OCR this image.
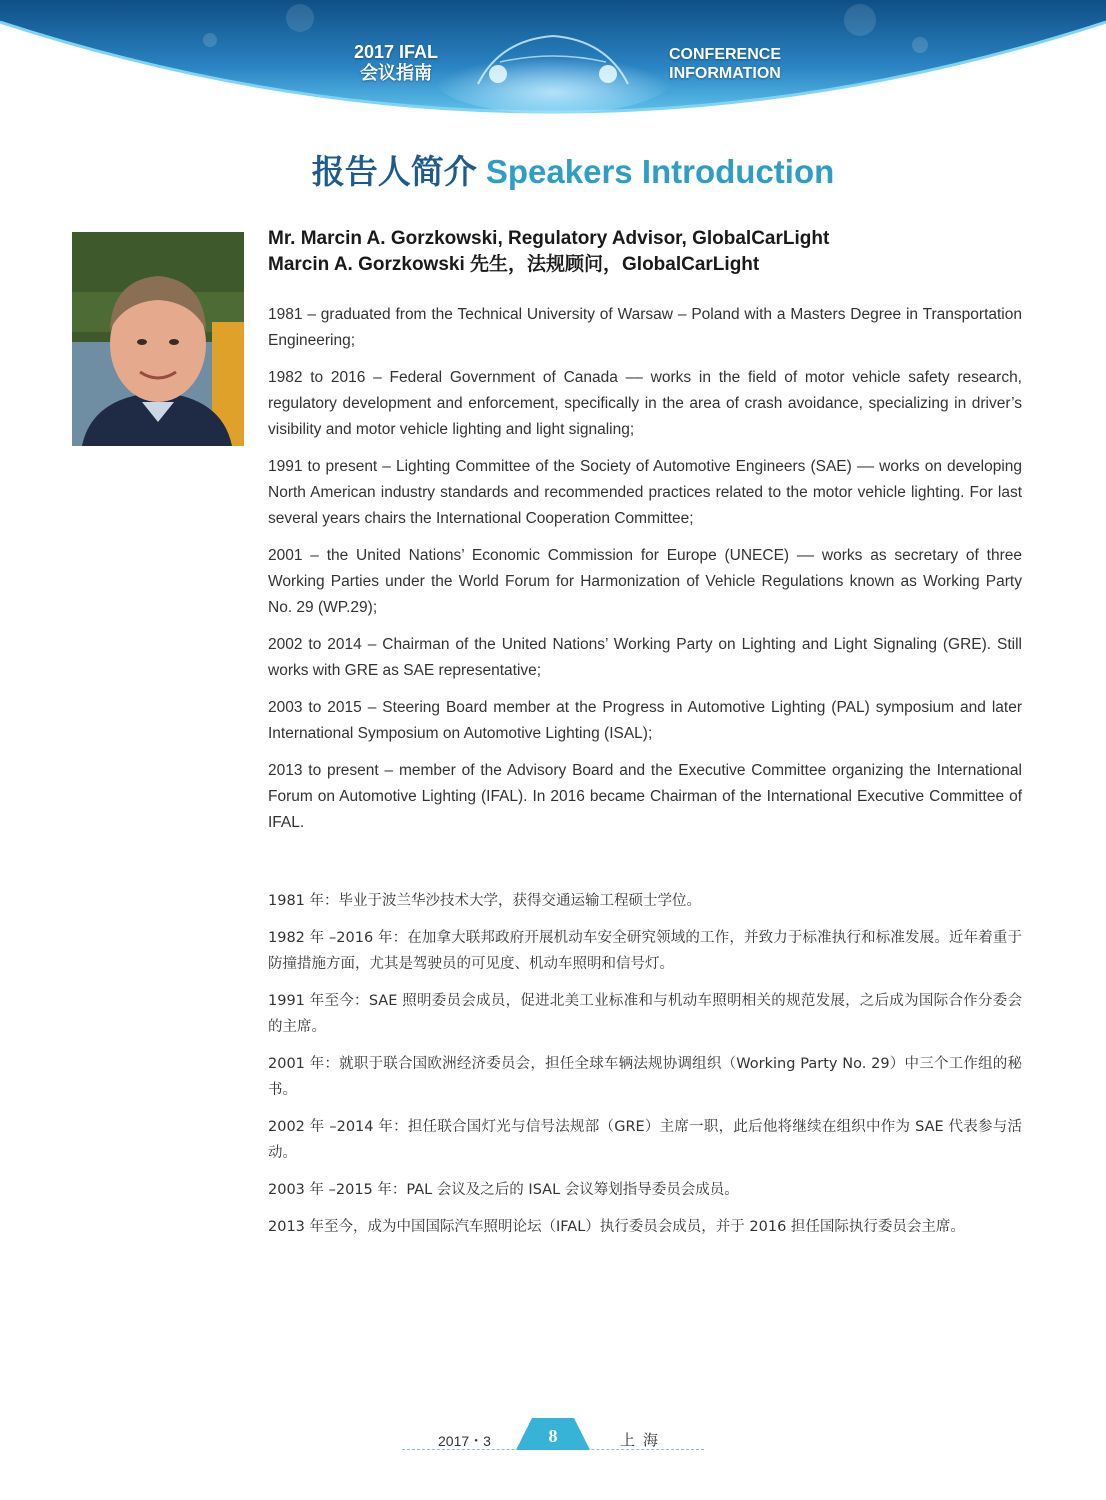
2017 IFAL
会议指南
CONFERENCE
INFORMATION
报告人简介 Speakers Introduction
Mr. Marcin A. Gorzkowski, Regulatory Advisor, GlobalCarLight
Marcin A. Gorzkowski 先生，法规顾问，GlobalCarLight

1981 – graduated from the Technical University of Warsaw – Poland with a Masters Degree in Transportation Engineering;

1982 to 2016 – Federal Government of Canada –– works in the field of motor vehicle safety research, regulatory development and enforcement, specifically in the area of crash avoidance, specializing in driver’s visibility and motor vehicle lighting and light signaling;

1991 to present – Lighting Committee of the Society of Automotive Engineers (SAE) –– works on developing North American industry standards and recommended practices related to the motor vehicle lighting. For last several years chairs the International Cooperation Committee;

2001 – the United Nations’ Economic Commission for Europe (UNECE) –– works as secretary of three Working Parties under the World Forum for Harmonization of Vehicle Regulations known as Working Party No. 29 (WP.29);

2002 to 2014 – Chairman of the United Nations’ Working Party on Lighting and Light Signaling (GRE). Still works with GRE as SAE representative;

2003 to 2015 – Steering Board member at the Progress in Automotive Lighting (PAL) symposium and later International Symposium on Automotive Lighting (ISAL);

2013 to present – member of the Advisory Board and the Executive Committee organizing the International Forum on Automotive Lighting (IFAL). In 2016 became Chairman of the International Executive Committee of IFAL.

1981 年：毕业于波兰华沙技术大学，获得交通运输工程硕士学位。

1982 年 –2016 年：在加拿大联邦政府开展机动车安全研究领域的工作，并致力于标准执行和标准发展。近年着重于防撞措施方面，尤其是驾驶员的可见度、机动车照明和信号灯。

1991 年至今：SAE 照明委员会成员，促进北美工业标准和与机动车照明相关的规范发展，之后成为国际合作分委会的主席。

2001 年：就职于联合国欧洲经济委员会，担任全球车辆法规协调组织（Working Party No. 29）中三个工作组的秘书。

2002 年 –2014 年：担任联合国灯光与信号法规部（GRE）主席一职，此后他将继续在组织中作为 SAE 代表参与活动。

2003 年 –2015 年：PAL 会议及之后的 ISAL 会议筹划指导委员会成员。

2013 年至今，成为中国国际汽车照明论坛（IFAL）执行委员会成员，并于 2016 担任国际执行委员会主席。

2017・3	8	上海
